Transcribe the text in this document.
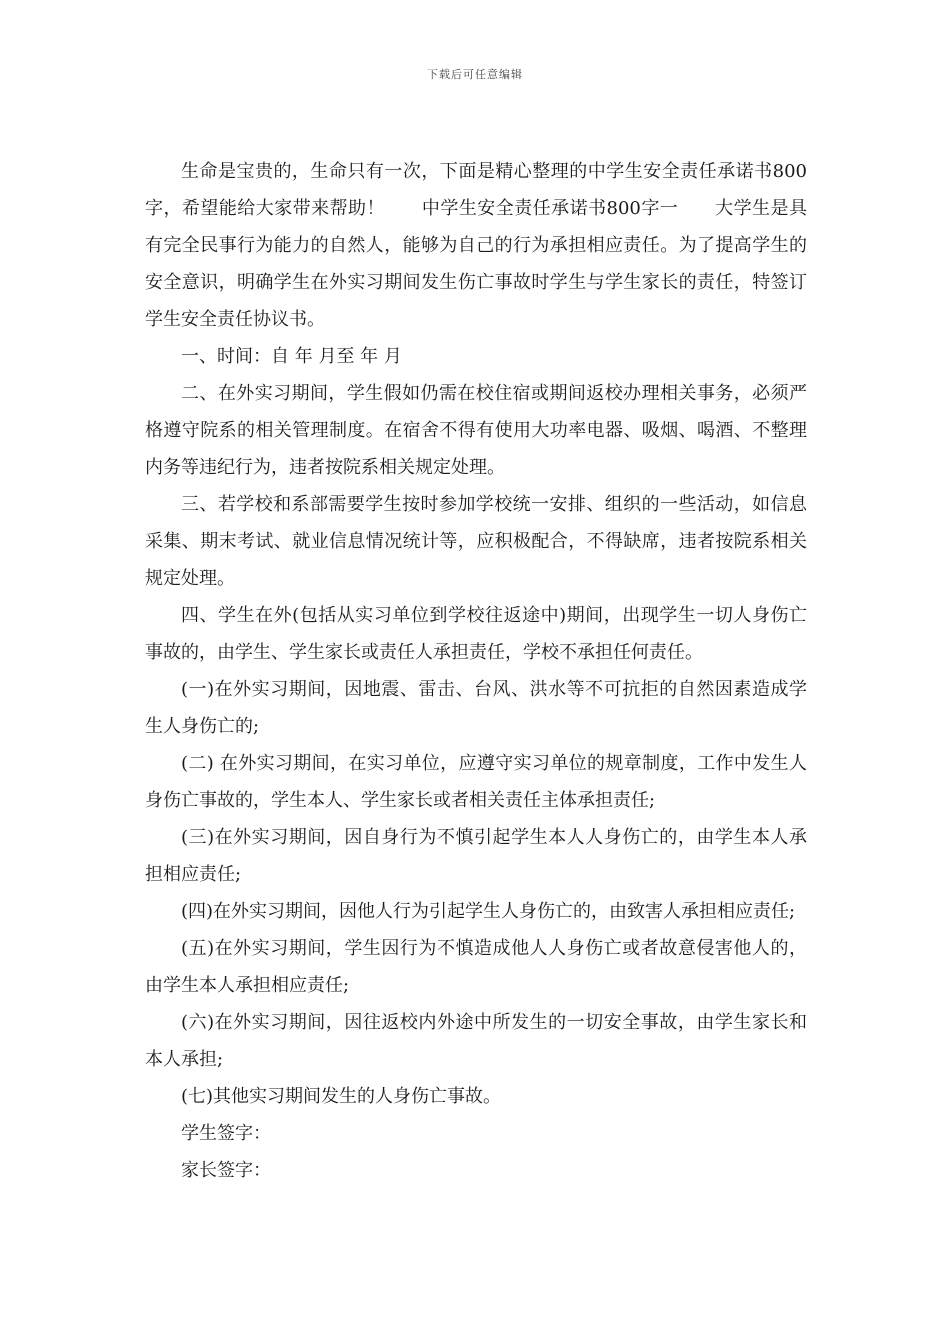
下载后可任意编辑

生命是宝贵的，生命只有一次，下面是精心整理的中学生安全责任承诺书800字，希望能给大家带来帮助！　　中学生安全责任承诺书800字一　　大学生是具有完全民事行为能力的自然人，能够为自己的行为承担相应责任。为了提高学生的安全意识，明确学生在外实习期间发生伤亡事故时学生与学生家长的责任，特签订学生安全责任协议书。

一、时间：自 年 月至 年 月

二、在外实习期间，学生假如仍需在校住宿或期间返校办理相关事务，必须严格遵守院系的相关管理制度。在宿舍不得有使用大功率电器、吸烟、喝酒、不整理内务等违纪行为，违者按院系相关规定处理。

三、若学校和系部需要学生按时参加学校统一安排、组织的一些活动，如信息采集、期末考试、就业信息情况统计等，应积极配合，不得缺席，违者按院系相关规定处理。

四、学生在外(包括从实习单位到学校往返途中)期间，出现学生一切人身伤亡事故的，由学生、学生家长或责任人承担责任，学校不承担任何责任。

(一)在外实习期间，因地震、雷击、台风、洪水等不可抗拒的自然因素造成学生人身伤亡的;

(二) 在外实习期间，在实习单位，应遵守实习单位的规章制度，工作中发生人身伤亡事故的，学生本人、学生家长或者相关责任主体承担责任;

(三)在外实习期间，因自身行为不慎引起学生本人人身伤亡的，由学生本人承担相应责任;

(四)在外实习期间，因他人行为引起学生人身伤亡的，由致害人承担相应责任;

(五)在外实习期间，学生因行为不慎造成他人人身伤亡或者故意侵害他人的，由学生本人承担相应责任;

(六)在外实习期间，因往返校内外途中所发生的一切安全事故，由学生家长和本人承担;

(七)其他实习期间发生的人身伤亡事故。

学生签字：

家长签字：
